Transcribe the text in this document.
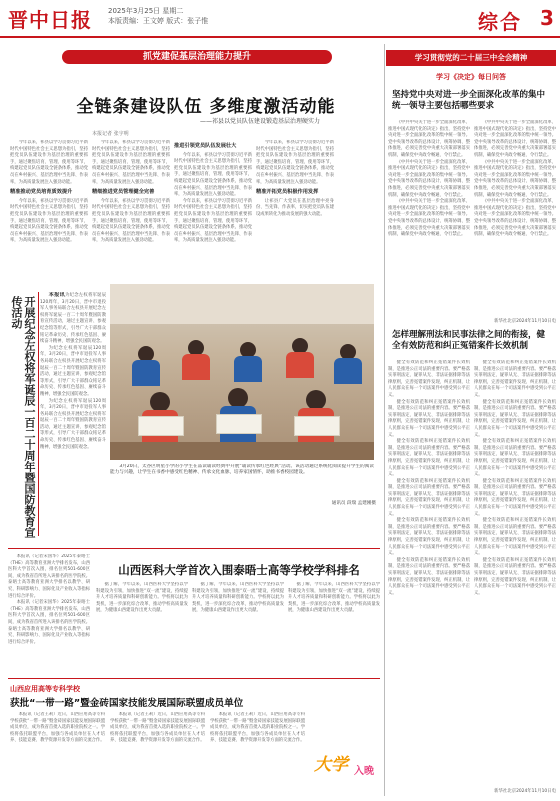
晋中日报 2025年3月25日 星期二
本版责编：王文婷 版式：张子惟	综合 3
抓党建促基层治理能力提升
全链条建设队伍 多维度激活动能
——祁县以党员队伍建设锻造基层治理硬实力
本报记者 张宇明

今年以来，祁县以学习贯彻习近平新时代中国特色社会主义思想为指引，坚持把党员队伍建设作为基层治理的重要抓手，通过聚焦培育、管理、使用等环节，构建起党员队伍建设全链条体系，推动党员在乡村振兴、基层治理中当先锋、作表率，为高质量发展注入强劲动能。

精准推动党员培育质效提升

今年以来，祁县以学习贯彻习近平新时代中国特色社会主义思想为指引，坚持把党员队伍建设作为基层治理的重要抓手，通过聚焦培育、管理、使用等环节，构建起党员队伍建设全链条体系，推动党员在乡村振兴、基层治理中当先锋、作表率，为高质量发展注入强劲动能。

今年以来，祁县以学习贯彻习近平新时代中国特色社会主义思想为指引，坚持把党员队伍建设作为基层治理的重要抓手，通过聚焦培育、管理、使用等环节，构建起党员队伍建设全链条体系，推动党员在乡村振兴、基层治理中当先锋、作表率，为高质量发展注入强劲动能。

精细推进党员管理健全完善

今年以来，祁县以学习贯彻习近平新时代中国特色社会主义思想为指引，坚持把党员队伍建设作为基层治理的重要抓手，通过聚焦培育、管理、使用等环节，构建起党员队伍建设全链条体系，推动党员在乡村振兴、基层治理中当先锋、作表率，为高质量发展注入强劲动能。

推进引领党员队伍发展壮大

今年以来，祁县以学习贯彻习近平新时代中国特色社会主义思想为指引，坚持把党员队伍建设作为基层治理的重要抓手，通过聚焦培育、管理、使用等环节，构建起党员队伍建设全链条体系，推动党员在乡村振兴、基层治理中当先锋、作表率，为高质量发展注入强劲动能。

今年以来，祁县以学习贯彻习近平新时代中国特色社会主义思想为指引，坚持把党员队伍建设作为基层治理的重要抓手，通过聚焦培育、管理、使用等环节，构建起党员队伍建设全链条体系，推动党员在乡村振兴、基层治理中当先锋、作表率，为高质量发展注入强劲动能。

今年以来，祁县以学习贯彻习近平新时代中国特色社会主义思想为指引，坚持把党员队伍建设作为基层治理的重要抓手，通过聚焦培育、管理、使用等环节，构建起党员队伍建设全链条体系，推动党员在乡村振兴、基层治理中当先锋、作表率，为高质量发展注入强劲动能。

精准开拓党员积极作用发挥

让祁县广大党员在基层治理中亮身份、当先锋、作表率，切实把党员队伍建设成果转化为推动发展的强大动能。

开展纪念左权将军诞辰一百二十周年暨国防教育宣传活动

本报讯为纪念左权将军诞辰120周年，3月20日，晋中市退役军人事务局联合左权县开展纪念左权将军诞辰一百二十周年暨国防教育宣传活动，通过主题宣讲、参观纪念馆等形式，引导广大干部群众铭记革命历史、传承红色基因、赓续奋斗精神，增强全民国防观念。

为纪念左权将军诞辰120周年，3月20日，晋中市退役军人事务局联合左权县开展纪念左权将军诞辰一百二十周年暨国防教育宣传活动，通过主题宣讲、参观纪念馆等形式，引导广大干部群众铭记革命历史、传承红色基因、赓续奋斗精神，增强全民国防观念。

为纪念左权将军诞辰120周年，3月20日，晋中市退役军人事务局联合左权县开展纪念左权将军诞辰一百二十周年暨国防教育宣传活动，通过主题宣讲、参观纪念馆等形式，引导广大干部群众铭记革命历史、传承红色基因、赓续奋斗精神，增强全民国防观念。

3月20日，太谷区明星小学的小学生在品读诵读经典中开展“诵读传承红色经典”活动。该活动通过系统化阅读提升学生的阅读能力与兴趣，让学生在书香中感受红色精神、传承文化血脉，培养家国情怀，助推书香校园建设。

通讯员 段瑞 孟建刚摄

本报讯（记者宋国华）2025年泰晤士（THE）高等教育亚洲大学排名发布，山西医科大学首次入围，排名位列501-600区间，成为我省首所进入该排名的医学院校。泰晤士高等教育亚洲大学排名以教学、研究、科研影响力、国际化及产业收入等指标进行综合评价。

本报讯（记者宋国华）2025年泰晤士（THE）高等教育亚洲大学排名发布，山西医科大学首次入围，排名位列501-600区间，成为我省首所进入该排名的医学院校。泰晤士高等教育亚洲大学排名以教学、研究、科研影响力、国际化及产业收入等指标进行综合评价。

山西医科大学首次入围泰晤士高等学校学科排名

据了解，今年以来，山西医科大学坚持以学科建设为引领，加快推进“双一流”建设，持续提升人才培养质量和科研创新能力。学校将以此为契机，进一步深化综合改革，推动学校高质量发展，为健康山西建设作出更大贡献。

据了解，今年以来，山西医科大学坚持以学科建设为引领，加快推进“双一流”建设，持续提升人才培养质量和科研创新能力。学校将以此为契机，进一步深化综合改革，推动学校高质量发展，为健康山西建设作出更大贡献。

据了解，今年以来，山西医科大学坚持以学科建设为引领，加快推进“双一流”建设，持续提升人才培养质量和科研创新能力。学校将以此为契机，进一步深化综合改革，推动学校高质量发展，为健康山西建设作出更大贡献。

山西应用高等专科学校
获批“一带一路”暨金砖国家技能发展国际联盟成员单位

本报讯（记者王莉）近日，山西应用高等专科学校获批“一带一路”暨金砖国家技能发展国际联盟成员单位，成为我省首批入选的职业院校之一。学校将依托联盟平台，加强与各成员单位在人才培养、技能竞赛、教学资源开发等方面的交流合作。

本报讯（记者王莉）近日，山西应用高等专科学校获批“一带一路”暨金砖国家技能发展国际联盟成员单位，成为我省首批入选的职业院校之一。学校将依托联盟平台，加强与各成员单位在人才培养、技能竞赛、教学资源开发等方面的交流合作。

本报讯（记者王莉）近日，山西应用高等专科学校获批“一带一路”暨金砖国家技能发展国际联盟成员单位，成为我省首批入选的职业院校之一。学校将依托联盟平台，加强与各成员单位在人才培养、技能竞赛、教学资源开发等方面的交流合作。

大学 入晚
学习贯彻党的二十届三中全会精神
学习《决定》每日问答
坚持党中央对进一步全面深化改革的集中统一领导主要包括哪些要求

《中共中央关于进一步全面深化改革、推进中国式现代化的决定》指出，坚持党中央对进一步全面深化改革的集中统一领导。党中央领导改革的总体设计、统筹协调、整体推进，必须完善党中央重大决策部署落实机制，确保党中央政令畅通、令行禁止。

《中共中央关于进一步全面深化改革、推进中国式现代化的决定》指出，坚持党中央对进一步全面深化改革的集中统一领导。党中央领导改革的总体设计、统筹协调、整体推进，必须完善党中央重大决策部署落实机制，确保党中央政令畅通、令行禁止。

《中共中央关于进一步全面深化改革、推进中国式现代化的决定》指出，坚持党中央对进一步全面深化改革的集中统一领导。党中央领导改革的总体设计、统筹协调、整体推进，必须完善党中央重大决策部署落实机制，确保党中央政令畅通、令行禁止。

《中共中央关于进一步全面深化改革、推进中国式现代化的决定》指出，坚持党中央对进一步全面深化改革的集中统一领导。党中央领导改革的总体设计、统筹协调、整体推进，必须完善党中央重大决策部署落实机制，确保党中央政令畅通、令行禁止。

《中共中央关于进一步全面深化改革、推进中国式现代化的决定》指出，坚持党中央对进一步全面深化改革的集中统一领导。党中央领导改革的总体设计、统筹协调、整体推进，必须完善党中央重大决策部署落实机制，确保党中央政令畅通、令行禁止。

《中共中央关于进一步全面深化改革、推进中国式现代化的决定》指出，坚持党中央对进一步全面深化改革的集中统一领导。党中央领导改革的总体设计、统筹协调、整体推进，必须完善党中央重大决策部署落实机制，确保党中央政令畅通、令行禁止。

新华社北京2024年11月10日电
怎样理解刑法和民事法律之间的衔接，健全有效防范和纠正冤错案件长效机制

健全有效防范和纠正冤错案件长效机制，是推进公正司法的重要内容。要严格落实罪刑法定、疑罪从无、非法证据排除等法律原则，完善冤错案件发现、纠正机制，让人民群众在每一个司法案件中感受到公平正义。

健全有效防范和纠正冤错案件长效机制，是推进公正司法的重要内容。要严格落实罪刑法定、疑罪从无、非法证据排除等法律原则，完善冤错案件发现、纠正机制，让人民群众在每一个司法案件中感受到公平正义。

健全有效防范和纠正冤错案件长效机制，是推进公正司法的重要内容。要严格落实罪刑法定、疑罪从无、非法证据排除等法律原则，完善冤错案件发现、纠正机制，让人民群众在每一个司法案件中感受到公平正义。

健全有效防范和纠正冤错案件长效机制，是推进公正司法的重要内容。要严格落实罪刑法定、疑罪从无、非法证据排除等法律原则，完善冤错案件发现、纠正机制，让人民群众在每一个司法案件中感受到公平正义。

健全有效防范和纠正冤错案件长效机制，是推进公正司法的重要内容。要严格落实罪刑法定、疑罪从无、非法证据排除等法律原则，完善冤错案件发现、纠正机制，让人民群众在每一个司法案件中感受到公平正义。

健全有效防范和纠正冤错案件长效机制，是推进公正司法的重要内容。要严格落实罪刑法定、疑罪从无、非法证据排除等法律原则，完善冤错案件发现、纠正机制，让人民群众在每一个司法案件中感受到公平正义。

健全有效防范和纠正冤错案件长效机制，是推进公正司法的重要内容。要严格落实罪刑法定、疑罪从无、非法证据排除等法律原则，完善冤错案件发现、纠正机制，让人民群众在每一个司法案件中感受到公平正义。

健全有效防范和纠正冤错案件长效机制，是推进公正司法的重要内容。要严格落实罪刑法定、疑罪从无、非法证据排除等法律原则，完善冤错案件发现、纠正机制，让人民群众在每一个司法案件中感受到公平正义。

健全有效防范和纠正冤错案件长效机制，是推进公正司法的重要内容。要严格落实罪刑法定、疑罪从无、非法证据排除等法律原则，完善冤错案件发现、纠正机制，让人民群众在每一个司法案件中感受到公平正义。

健全有效防范和纠正冤错案件长效机制，是推进公正司法的重要内容。要严格落实罪刑法定、疑罪从无、非法证据排除等法律原则，完善冤错案件发现、纠正机制，让人民群众在每一个司法案件中感受到公平正义。

健全有效防范和纠正冤错案件长效机制，是推进公正司法的重要内容。要严格落实罪刑法定、疑罪从无、非法证据排除等法律原则，完善冤错案件发现、纠正机制，让人民群众在每一个司法案件中感受到公平正义。

健全有效防范和纠正冤错案件长效机制，是推进公正司法的重要内容。要严格落实罪刑法定、疑罪从无、非法证据排除等法律原则，完善冤错案件发现、纠正机制，让人民群众在每一个司法案件中感受到公平正义。

新华社北京2024年11月10日电
